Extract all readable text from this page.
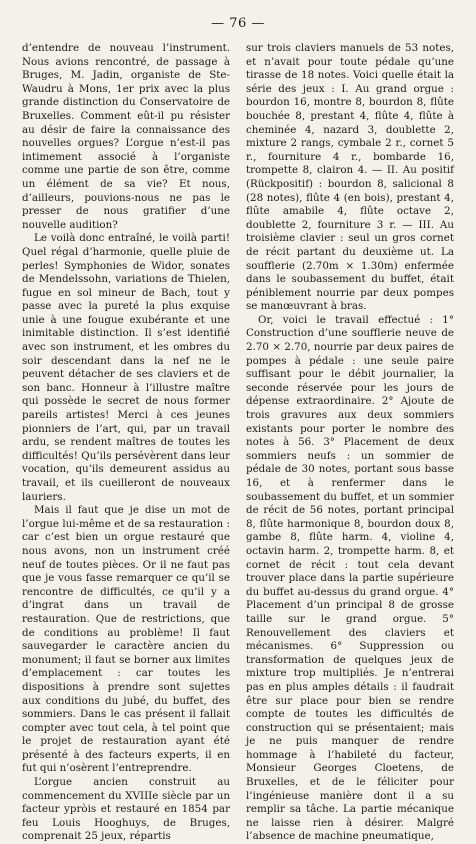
— 76 —

d’entendre de nouveau l’instrument. Nous avions rencontré, de passage à Bruges, M. Jadin, organiste de Ste-Waudru à Mons, 1er prix avec la plus grande distinction du Conservatoire de Bruxelles. Comment eût-il pu résister au désir de faire la connaissance des nouvelles orgues? L’orgue n’est-il pas intimement associé à l’organiste comme une partie de son être, comme un élément de sa vie? Et nous, d’ailleurs, pouvions-nous ne pas le presser de nous gratifier d’une nouvelle audition?

Le voilà donc entraîné, le voilà parti! Quel régal d’harmonie, quelle pluie de perles! Symphonies de Widor, sonates de Mendelssohn, variations de Thielen, fugue en sol mineur de Bach, tout y passe avec la pureté la plus exquise unie à une fougue exubérante et une inimitable distinction. Il s’est identifié avec son instrument, et les ombres du soir descendant dans la nef ne le peuvent détacher de ses claviers et de son banc. Honneur à l’illustre maître qui possède le secret de nous former pareils artistes! Merci à ces jeunes pionniers de l’art, qui, par un travail ardu, se rendent maîtres de toutes les difficultés! Qu’ils persévèrent dans leur vocation, qu’ils demeurent assidus au travail, et ils cueilleront de nouveaux lauriers.

Mais il faut que je dise un mot de l’orgue lui-même et de sa restauration : car c’est bien un orgue restauré que nous avons, non un instrument créé neuf de toutes pièces. Or il ne faut pas que je vous fasse remarquer ce qu’il se rencontre de difficultés, ce qu’il y a d’ingrat dans un travail de restauration. Que de restrictions, que de conditions au problème! Il faut sauvegarder le caractère ancien du monument; il faut se borner aux limites d’emplacement : car toutes les dispositions à prendre sont sujettes aux conditions du jubé, du buffet, des sommiers. Dans le cas présent il fallait compter avec tout cela, à tel point que le projet de restauration ayant été présenté à des facteurs experts, il en fut qui n’osèrent l’entreprendre.

L’orgue ancien construit au commencement du XVIIIe siècle par un facteur ypròis et restauré en 1854 par feu Louis Hooghuys, de Bruges, comprenait 25 jeux, répartis

sur trois claviers manuels de 53 notes, et n’avait pour toute pédale qu’une tirasse de 18 notes. Voici quelle était la série des jeux : I. Au grand orgue : bourdon 16, montre 8, bourdon 8, flûte bouchée 8, prestant 4, flûte 4, flûte à cheminée 4, nazard 3, doublette 2, mixture 2 rangs, cymbale 2 r., cornet 5 r., fourniture 4 r., bombarde 16, trompette 8, clairon 4. — II. Au positif (Rückpositif) : bourdon 8, salicional 8 (28 notes), flûte 4 (en bois), prestant 4, flûte amabile 4, flûte octave 2, doublette 2, fourniture 3 r. — III. Au troisième clavier : seul un gros cornet de récit partant du deuxième ut. La soufflerie (2.70m × 1.30m) enfermée dans le soubassement du buffet, était péniblement nourrie par deux pompes se manœuvrant à bras.

Or, voici le travail effectué : 1° Construction d’une soufflerie neuve de 2.70 × 2.70, nourrie par deux paires de pompes à pédale : une seule paire suffisant pour le débit journalier, la seconde réservée pour les jours de dépense extraordinaire. 2° Ajoute de trois gravures aux deux sommiers existants pour porter le nombre des notes à 56. 3° Placement de deux sommiers neufs : un sommier de pédale de 30 notes, portant sous basse 16, et à renfermer dans le soubassement du buffet, et un sommier de récit de 56 notes, portant principal 8, flûte harmonique 8, bourdon doux 8, gambe 8, flûte harm. 4, violine 4, octavin harm. 2, trompette harm. 8, et cornet de récit : tout cela devant trouver place dans la partie supérieure du buffet au-dessus du grand orgue. 4° Placement d’un principal 8 de grosse taille sur le grand orgue. 5° Renouvellement des claviers et mécanismes. 6° Suppression ou transformation de quelques jeux de mixture trop multipliés. Je n’entrerai pas en plus amples détails : il faudrait être sur place pour bien se rendre compte de toutes les difficultés de construction qui se présentaient; mais je ne puis manquer de rendre hommage à l’habileté du facteur, Monsieur Georges Cloetens, de Bruxelles, et de le féliciter pour l’ingénieuse manière dont il a su remplir sa tâche. La partie mécanique ne laisse rien à désirer. Malgré l’absence de machine pneumatique,
